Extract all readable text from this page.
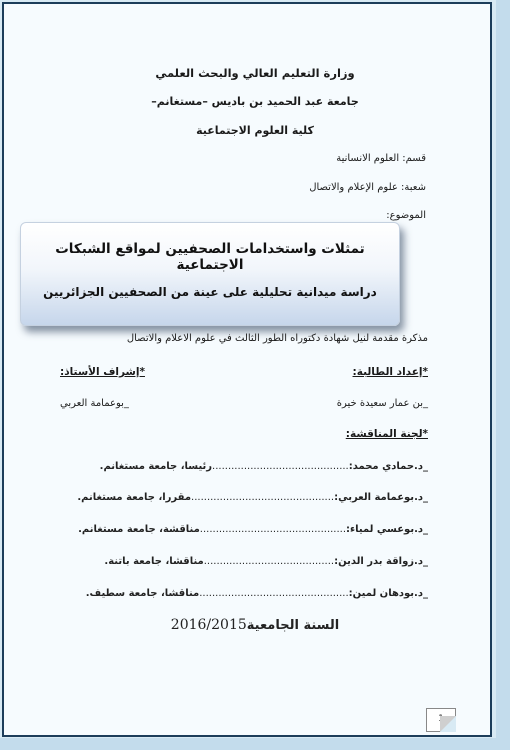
وزارة التعليم العالي والبحث العلمي
جامعة عبد الحميد بن باديس –مستغانم–
كلية العلوم الاجتماعية
قسم: العلوم الانسانية
شعبة: علوم الإعلام والاتصال
الموضوع:
تمثلات واستخدامات الصحفيين لمواقع الشبكات الاجتماعية
دراسة ميدانية تحليلية على عينة من الصحفيين الجزائريين
مذكرة مقدمة لنيل شهادة دكتوراه الطور الثالث في علوم الاعلام والاتصال
*إعداد الطالبة:
*إشراف الأستاذ:
_بن عمار سعيدة خيرة
_بوعمامة العربي
*لجنة المناقشة:
_د.حمادي محمد:...........................................رئيسا، جامعة مستغانم.
_د.بوعمامة العربي:.............................................مقررا، جامعة مستغانم.
_د.بوعسي لمياء:..............................................مناقشة، جامعة مستغانم.
_د.زواقة بدر الدين:.........................................مناقشا، جامعة باتنة.
_د.بودهان لمين:...............................................مناقشا، جامعة سطيف.
السنة الجامعية2016/2015
1
